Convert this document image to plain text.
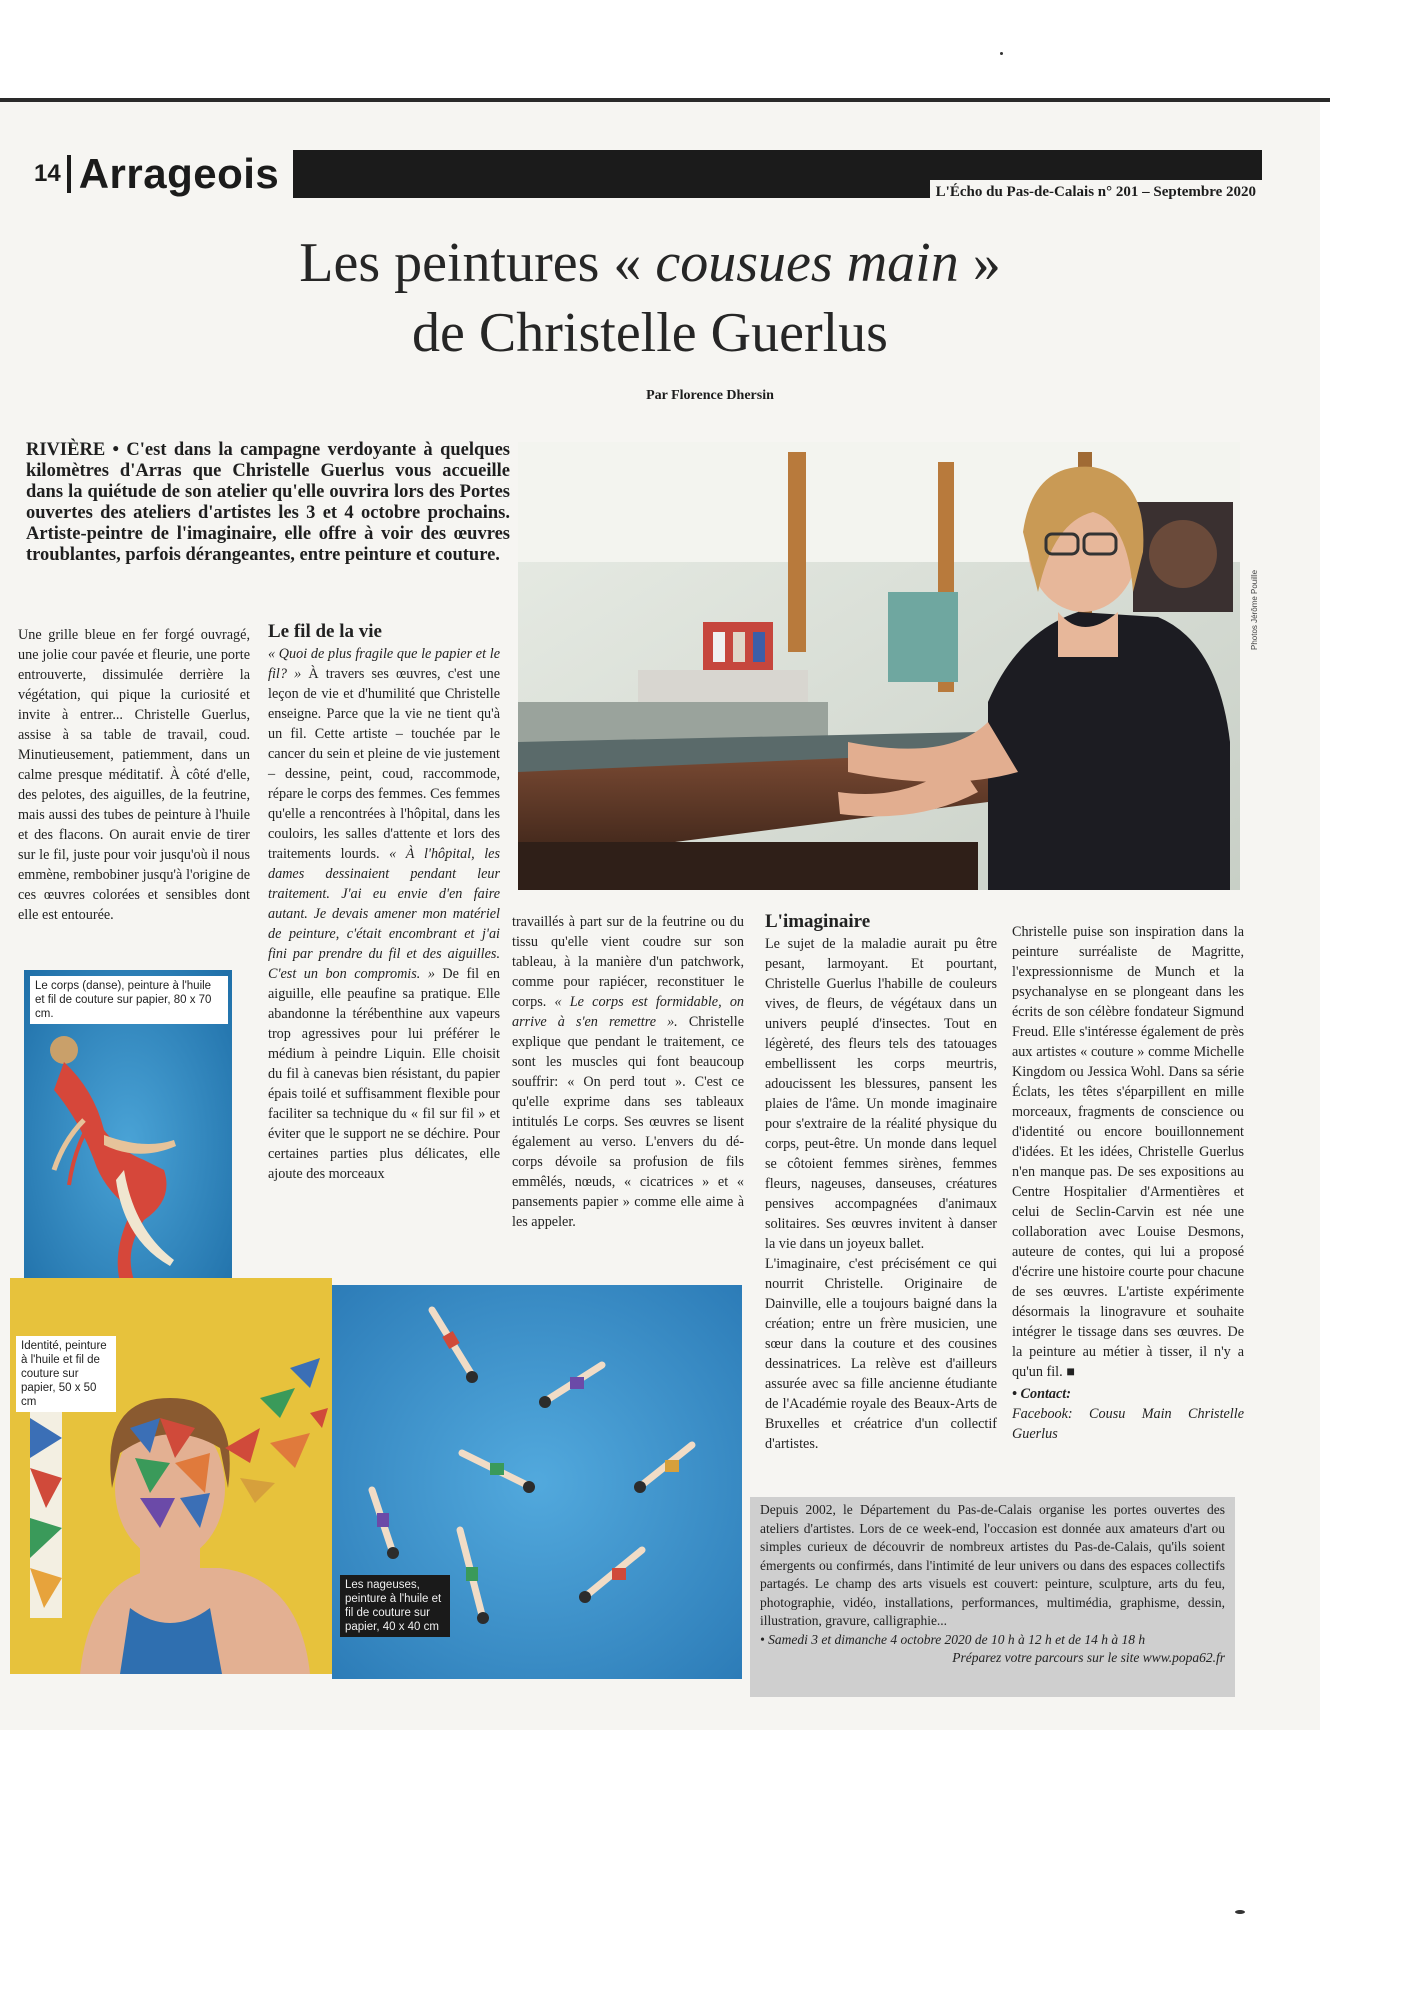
14 Arrageois	L'Écho du Pas-de-Calais n° 201 – Septembre 2020
Les peintures « cousues main »
de Christelle Guerlus
Par Florence Dhersin
RIVIÈRE • C'est dans la campagne verdoyante à quelques kilomètres d'Arras que Christelle Guerlus vous accueille dans la quiétude de son atelier qu'elle ouvrira lors des Portes ouvertes des ateliers d'artistes les 3 et 4 octobre prochains. Artiste-peintre de l'imaginaire, elle offre à voir des œuvres troublantes, parfois dérangeantes, entre peinture et couture.
Photos Jérôme Pouille

Une grille bleue en fer forgé ouvragé, une jolie cour pavée et fleurie, une porte entrouverte, dissimulée derrière la végétation, qui pique la curiosité et invite à entrer... Christelle Guerlus, assise à sa table de travail, coud. Minutieusement, patiemment, dans un calme presque méditatif. À côté d'elle, des pelotes, des aiguilles, de la feutrine, mais aussi des tubes de peinture à l'huile et des flacons. On aurait envie de tirer sur le fil, juste pour voir jusqu'où il nous emmène, rembobiner jusqu'à l'origine de ces œuvres colorées et sensibles dont elle est entourée.

Le fil de la vie

« Quoi de plus fragile que le papier et le fil? » À travers ses œuvres, c'est une leçon de vie et d'humilité que Christelle enseigne. Parce que la vie ne tient qu'à un fil. Cette artiste – touchée par le cancer du sein et pleine de vie justement – dessine, peint, coud, raccommode, répare le corps des femmes. Ces femmes qu'elle a rencontrées à l'hôpital, dans les couloirs, les salles d'attente et lors des traitements lourds. « À l'hôpital, les dames dessinaient pendant leur traitement. J'ai eu envie d'en faire autant. Je devais amener mon matériel de peinture, c'était encombrant et j'ai fini par prendre du fil et des aiguilles. C'est un bon compromis. » De fil en aiguille, elle peaufine sa pratique. Elle abandonne la térébenthine aux vapeurs trop agressives pour lui préférer le médium à peindre Liquin. Elle choisit du fil à canevas bien résistant, du papier épais toilé et suffisamment flexible pour faciliter sa technique du « fil sur fil » et éviter que le support ne se déchire. Pour certaines parties plus délicates, elle ajoute des morceaux

travaillés à part sur de la feutrine ou du tissu qu'elle vient coudre sur son tableau, à la manière d'un patchwork, comme pour rapiécer, reconstituer le corps. « Le corps est formidable, on arrive à s'en remettre ». Christelle explique que pendant le traitement, ce sont les muscles qui font beaucoup souffrir: « On perd tout ». C'est ce qu'elle exprime dans ses tableaux intitulés Le corps. Ses œuvres se lisent également au verso. L'envers du dé-corps dévoile sa profusion de fils emmêlés, nœuds, « cicatrices » et « pansements papier » comme elle aime à les appeler.

L'imaginaire

Le sujet de la maladie aurait pu être pesant, larmoyant. Et pourtant, Christelle Guerlus l'habille de couleurs vives, de fleurs, de végétaux dans un univers peuplé d'insectes. Tout en légèreté, des fleurs tels des tatouages embellissent les corps meurtris, adoucissent les blessures, pansent les plaies de l'âme. Un monde imaginaire pour s'extraire de la réalité physique du corps, peut-être. Un monde dans lequel se côtoient femmes sirènes, femmes fleurs, nageuses, danseuses, créatures pensives accompagnées d'animaux solitaires. Ses œuvres invitent à danser la vie dans un joyeux ballet.

L'imaginaire, c'est précisément ce qui nourrit Christelle. Originaire de Dainville, elle a toujours baigné dans la création; entre un frère musicien, une sœur dans la couture et des cousines dessinatrices. La relève est d'ailleurs assurée avec sa fille ancienne étudiante de l'Académie royale des Beaux-Arts de Bruxelles et créatrice d'un collectif d'artistes.

Christelle puise son inspiration dans la peinture surréaliste de Magritte, l'expressionnisme de Munch et la psychanalyse en se plongeant dans les écrits de son célèbre fondateur Sigmund Freud. Elle s'intéresse également de près aux artistes « couture » comme Michelle Kingdom ou Jessica Wohl. Dans sa série Éclats, les têtes s'éparpillent en mille morceaux, fragments de conscience ou d'identité ou encore bouillonnement d'idées. Et les idées, Christelle Guerlus n'en manque pas. De ses expositions au Centre Hospitalier d'Armentières et celui de Seclin-Carvin est née une collaboration avec Louise Desmons, auteure de contes, qui lui a proposé d'écrire une histoire courte pour chacune de ses œuvres. L'artiste expérimente désormais la linogravure et souhaite intégrer le tissage dans ses œuvres. De la peinture au métier à tisser, il n'y a qu'un fil. ■

• Contact:
Facebook: Cousu Main Christelle Guerlus

Le corps (danse), peinture à l'huile et fil de couture sur papier, 80 x 70 cm.
Identité, peinture à l'huile et fil de couture sur papier, 50 x 50 cm
Les nageuses, peinture à l'huile et fil de couture sur papier, 40 x 40 cm
Depuis 2002, le Département du Pas-de-Calais organise les portes ouvertes des ateliers d'artistes. Lors de ce week-end, l'occasion est donnée aux amateurs d'art ou simples curieux de découvrir de nombreux artistes du Pas-de-Calais, qu'ils soient émergents ou confirmés, dans l'intimité de leur univers ou dans des espaces collectifs partagés. Le champ des arts visuels est couvert: peinture, sculpture, arts du feu, photographie, vidéo, installations, performances, multimédia, graphisme, dessin, illustration, gravure, calligraphie...
• Samedi 3 et dimanche 4 octobre 2020 de 10 h à 12 h et de 14 h à 18 h
Préparez votre parcours sur le site www.popa62.fr
